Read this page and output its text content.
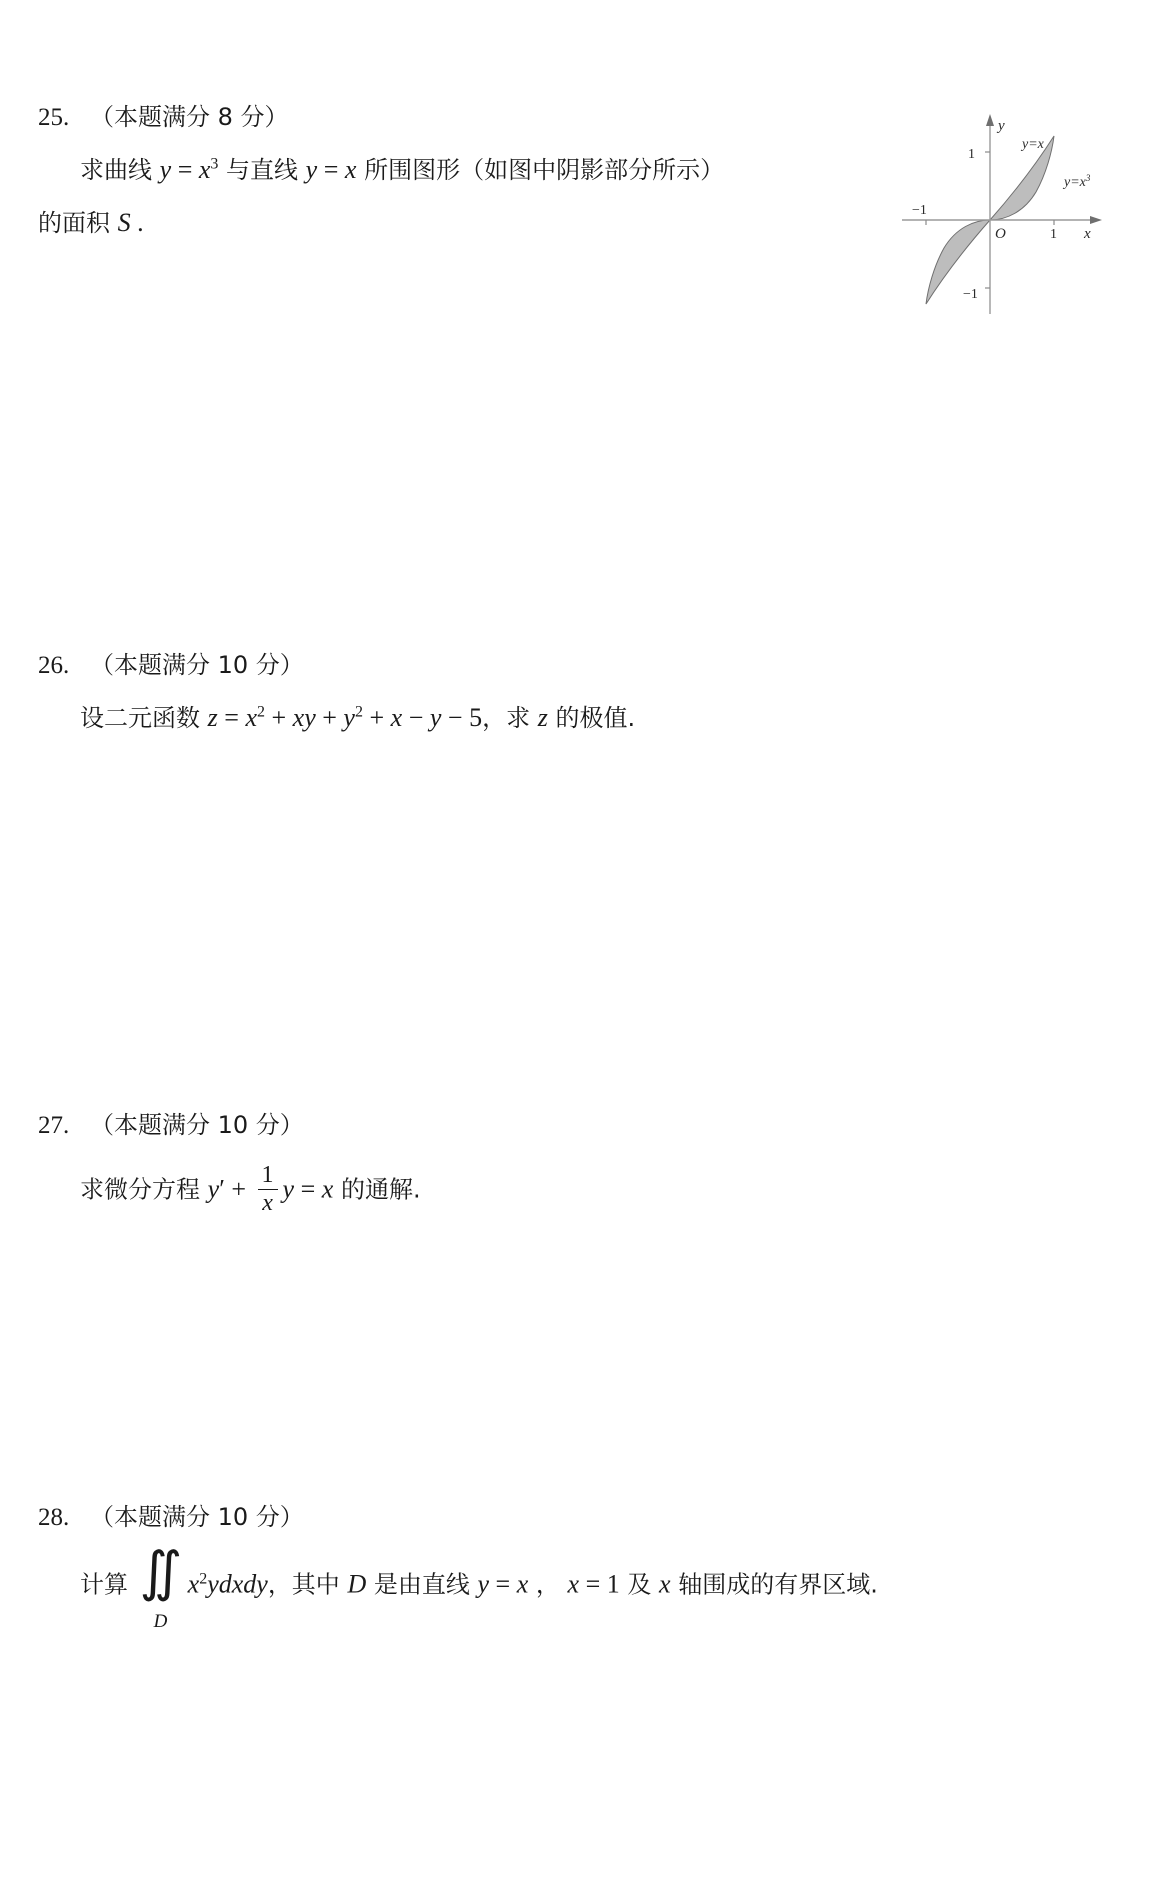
25. （本题满分 8 分）
求曲线 $y = x^3$ 与直线 y = x 所围图形（如图中阴影部分所示）
的面积 S .
y
x
O
1
−1
1
−1
y=x
$y=x^3$
26. （本题满分 10 分）
设二元函数 $z = x^2$ + xy + $y^2 + x - y - 5$，求 z 的极值.
27. （本题满分 10 分）
求微分方程 $y' + \frac{1}{x}$ y = x 的通解.
28. （本题满分 10 分）
计算 ∬
D
$x^2ydxdy$，其中 D 是由直线 y = x ， x = 1 及 x 轴围成的有界区域.
